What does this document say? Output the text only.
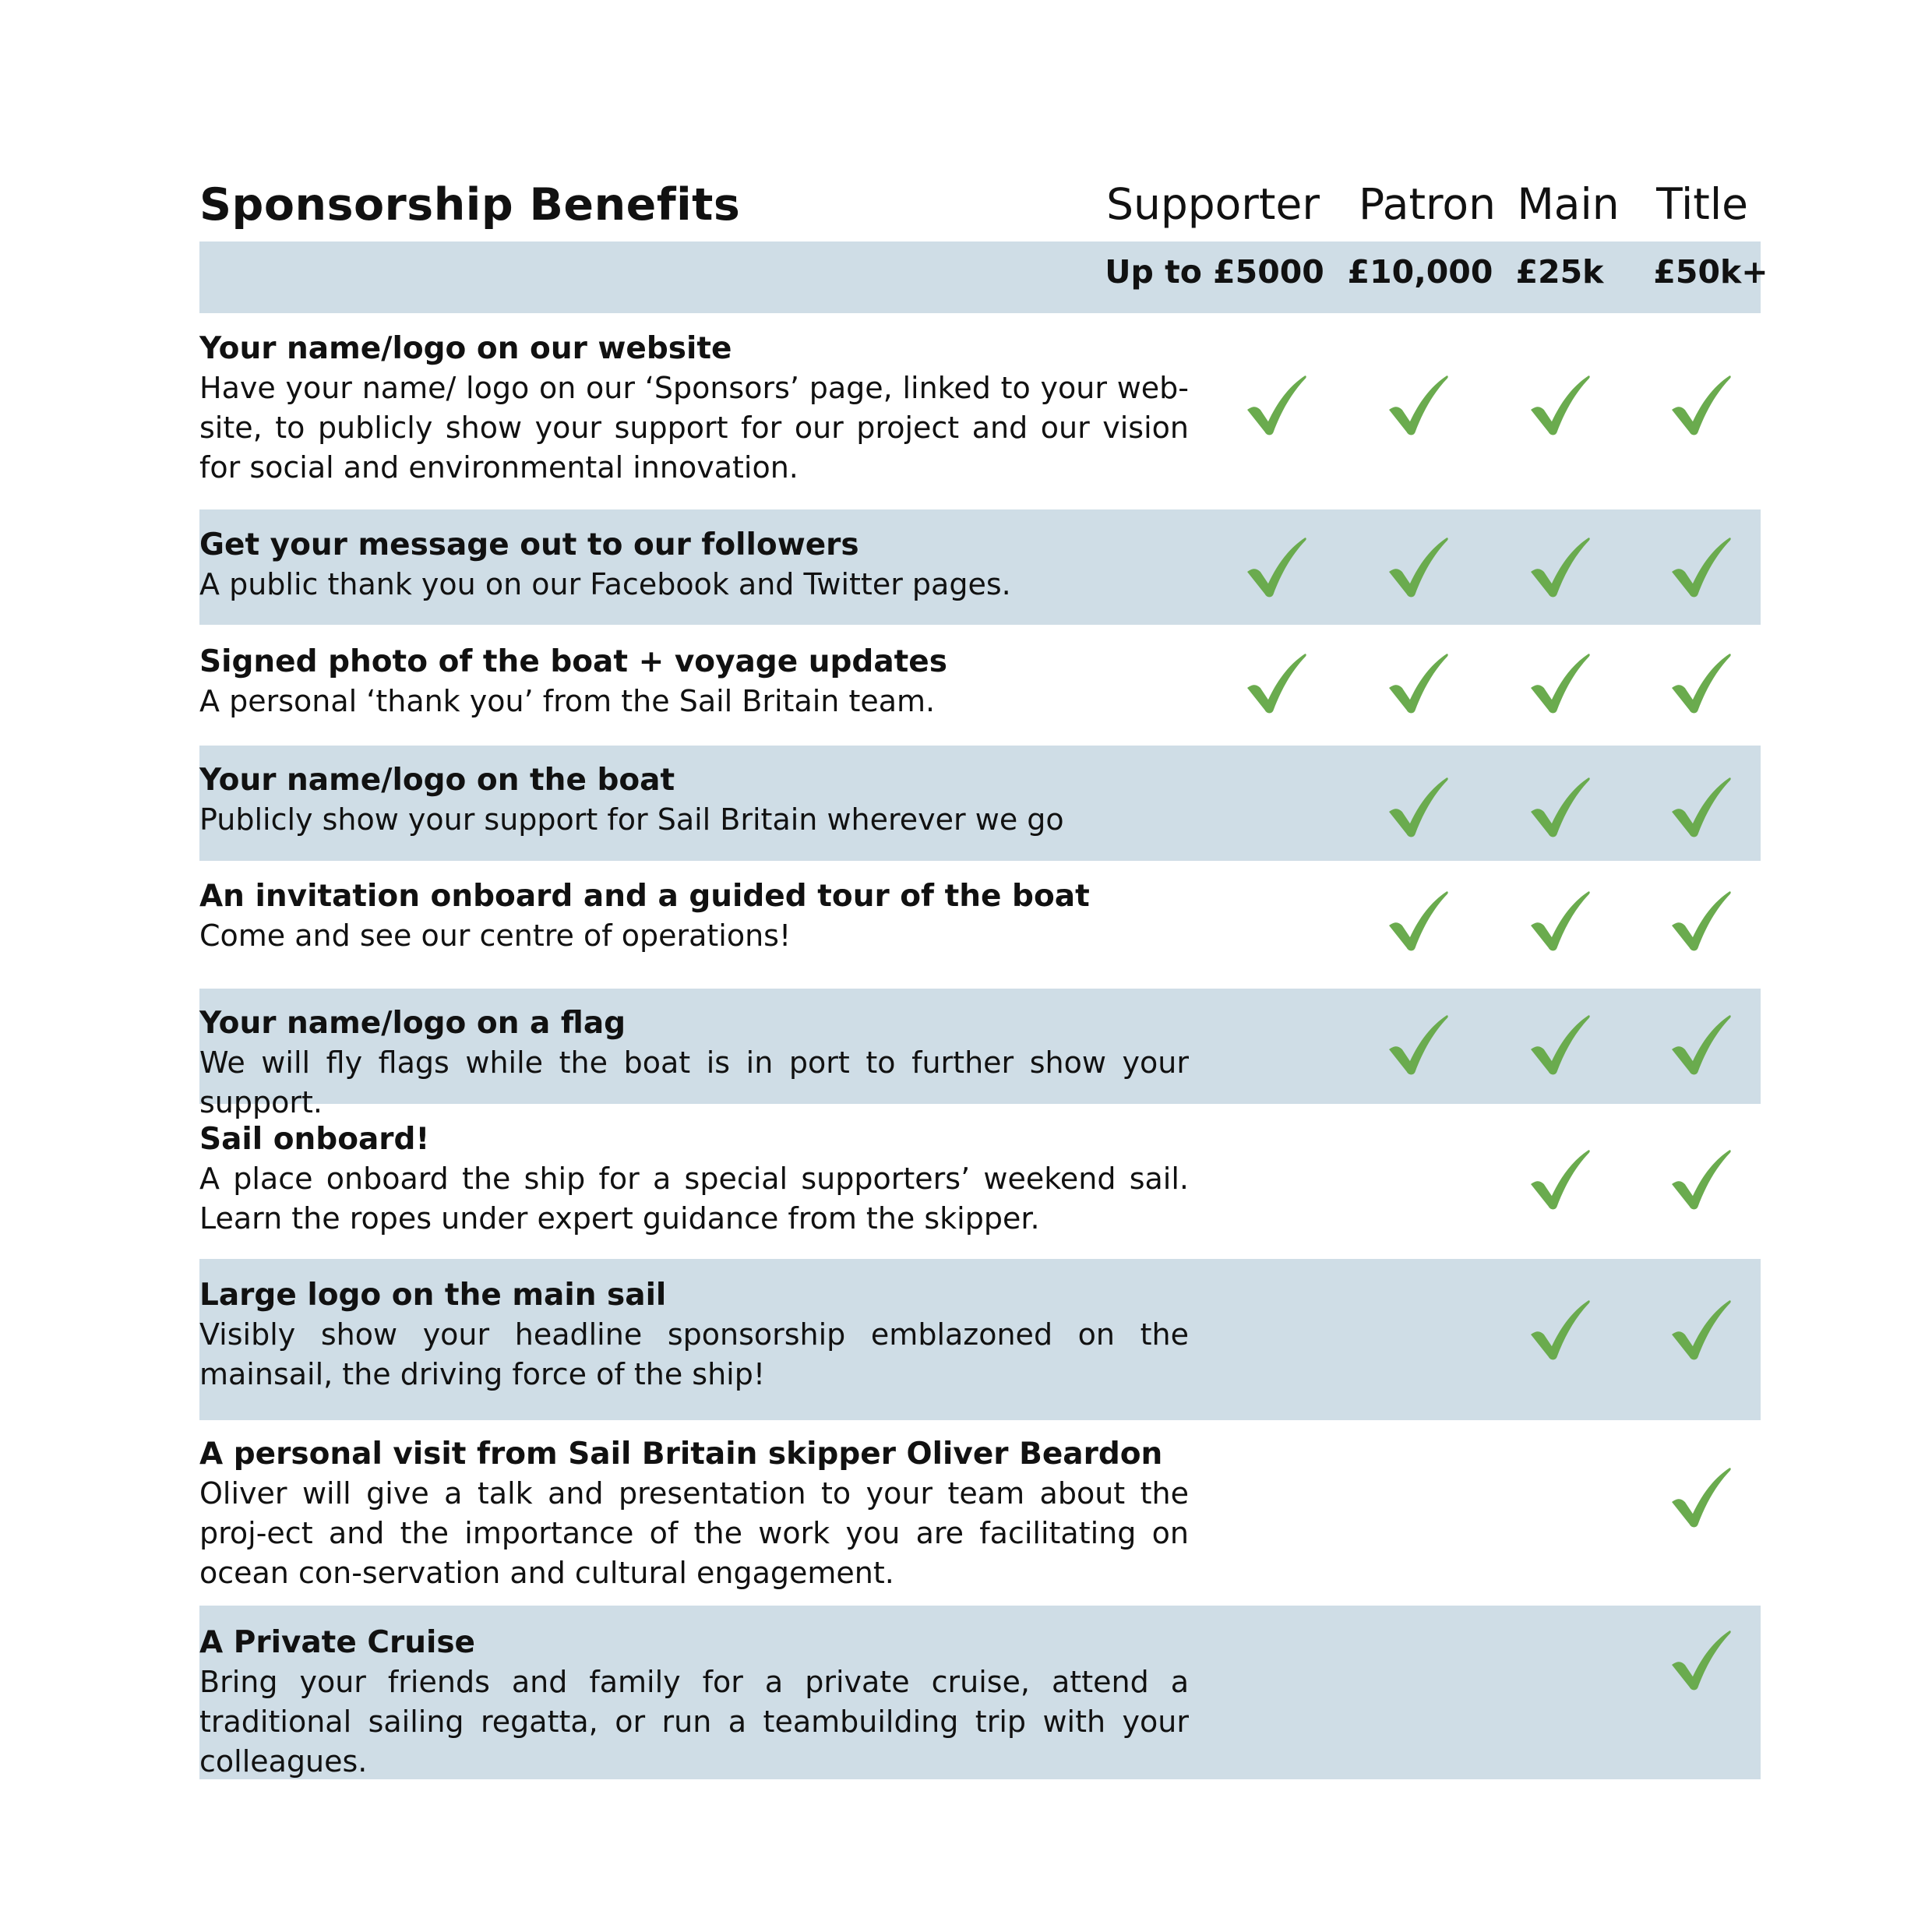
Sponsorship Benefits	Supporter Patron Main Title
Up to £5000 £10,000 £25k £50k+
Your name/logo on our website
Have your name/ logo on our ‘Sponsors’ page, linked to your web-site, to publicly show your support for our project and our vision for social and environmental innovation.
Get your message out to our followers
A public thank you on our Facebook and Twitter pages.
Signed photo of the boat + voyage updates
A personal ‘thank you’ from the Sail Britain team.
Your name/logo on the boat
Publicly show your support for Sail Britain wherever we go
An invitation onboard and a guided tour of the boat
Come and see our centre of operations!
Your name/logo on a flag
We will fly flags while the boat is in port to further show your support.
Sail onboard!
A place onboard the ship for a special supporters’ weekend sail. Learn the ropes under expert guidance from the skipper.
Large logo on the main sail
Visibly show your headline sponsorship emblazoned on the mainsail, the driving force of the ship!
A personal visit from Sail Britain skipper Oliver Beardon
Oliver will give a talk and presentation to your team about the proj-ect and the importance of the work you are facilitating on ocean con-servation and cultural engagement.
A Private Cruise
Bring your friends and family for a private cruise, attend a traditional sailing regatta, or run a teambuilding trip with your colleagues.
